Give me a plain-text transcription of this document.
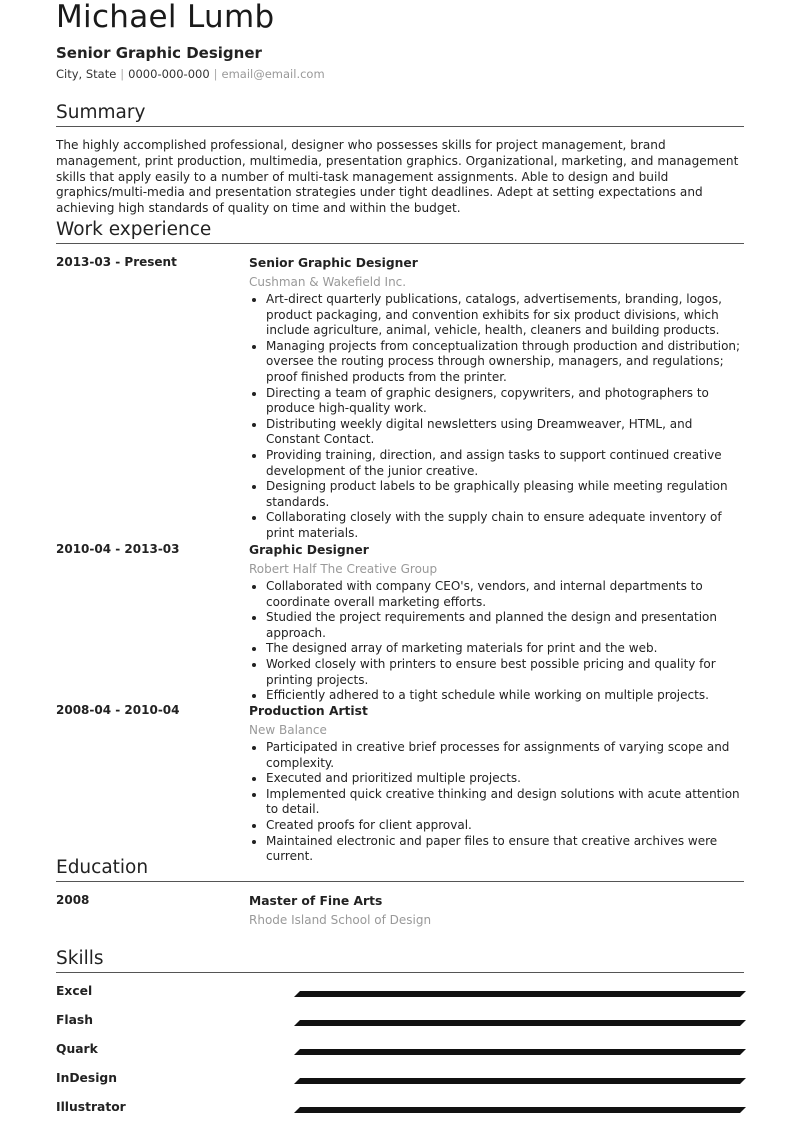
Michael Lumb
Senior Graphic Designer
City, State | 0000-000-000 | email@email.com
Summary

The highly accomplished professional, designer who possesses skills for project management, brand management, print production, multimedia, presentation graphics. Organizational, marketing, and management skills that apply easily to a number of multi-task management assignments. Able to design and build graphics/multi-media and presentation strategies under tight deadlines. Adept at setting expectations and achieving high standards of quality on time and within the budget.

Work experience
2013-03 - Present	Senior Graphic Designer
Cushman & Wakefield Inc.
• Art-direct quarterly publications, catalogs, advertisements, branding, logos, product packaging, and convention exhibits for six product divisions, which include agriculture, animal, vehicle, health, cleaners and building products.
• Managing projects from conceptualization through production and distribution; oversee the routing process through ownership, managers, and regulations; proof finished products from the printer.
• Directing a team of graphic designers, copywriters, and photographers to produce high-quality work.
• Distributing weekly digital newsletters using Dreamweaver, HTML, and Constant Contact.
• Providing training, direction, and assign tasks to support continued creative development of the junior creative.
• Designing product labels to be graphically pleasing while meeting regulation standards.
• Collaborating closely with the supply chain to ensure adequate inventory of print materials.
2010-04 - 2013-03	Graphic Designer
Robert Half The Creative Group
• Collaborated with company CEO's, vendors, and internal departments to coordinate overall marketing efforts.
• Studied the project requirements and planned the design and presentation approach.
• The designed array of marketing materials for print and the web.
• Worked closely with printers to ensure best possible pricing and quality for printing projects.
• Efficiently adhered to a tight schedule while working on multiple projects.
2008-04 - 2010-04	Production Artist
New Balance
• Participated in creative brief processes for assignments of varying scope and complexity.
• Executed and prioritized multiple projects.
• Implemented quick creative thinking and design solutions with acute attention to detail.
• Created proofs for client approval.
• Maintained electronic and paper files to ensure that creative archives were current.
Education
2008	Master of Fine Arts
Rhode Island School of Design
Skills
Excel
Flash
Quark
InDesign
Illustrator
